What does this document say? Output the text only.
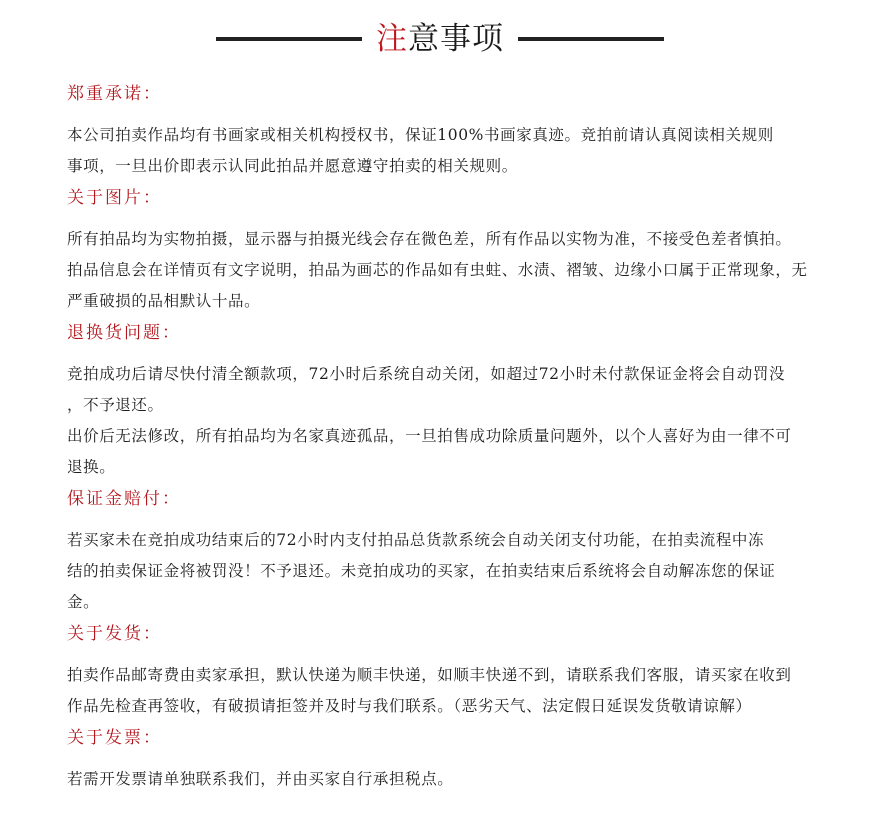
注意事项
郑重承诺：
本公司拍卖作品均有书画家或相关机构授权书，保证100%书画家真迹。竞拍前请认真阅读相关规则
事项，一旦出价即表示认同此拍品并愿意遵守拍卖的相关规则。
关于图片：
所有拍品均为实物拍摄，显示器与拍摄光线会存在微色差，所有作品以实物为准，不接受色差者慎拍。
拍品信息会在详情页有文字说明，拍品为画芯的作品如有虫蛀、水渍、褶皱、边缘小口属于正常现象，无
严重破损的品相默认十品。
退换货问题：
竞拍成功后请尽快付清全额款项，72小时后系统自动关闭，如超过72小时未付款保证金将会自动罚没
，不予退还。
出价后无法修改，所有拍品均为名家真迹孤品，一旦拍售成功除质量问题外，以个人喜好为由一律不可
退换。
保证金赔付：
若买家未在竞拍成功结束后的72小时内支付拍品总货款系统会自动关闭支付功能，在拍卖流程中冻
结的拍卖保证金将被罚没！不予退还。未竞拍成功的买家，在拍卖结束后系统将会自动解冻您的保证
金。
关于发货：
拍卖作品邮寄费由卖家承担，默认快递为顺丰快递，如顺丰快递不到，请联系我们客服，请买家在收到
作品先检查再签收，有破损请拒签并及时与我们联系。（恶劣天气、法定假日延误发货敬请谅解）
关于发票：
若需开发票请单独联系我们，并由买家自行承担税点。
